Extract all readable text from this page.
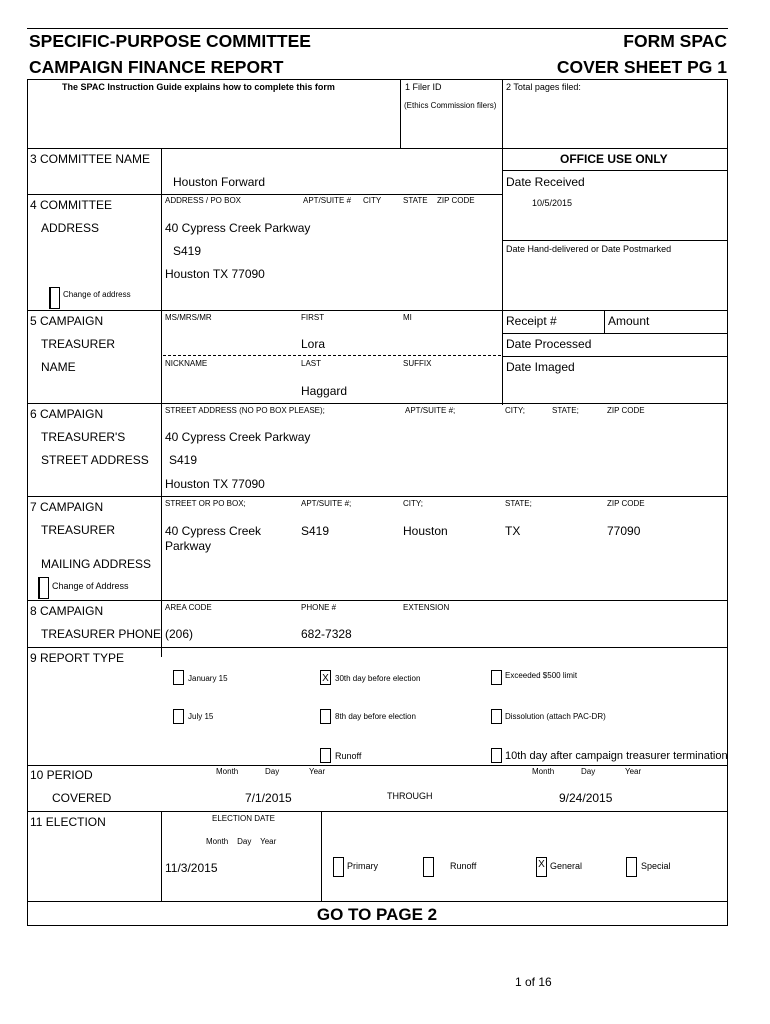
SPECIFIC-PURPOSE COMMITTEE
CAMPAIGN FINANCE REPORT
FORM SPAC
COVER SHEET PG 1
The SPAC Instruction Guide explains how to complete this form	1 Filer ID
(Ethics Commission filers)
2 Total pages filed:
3 COMMITTEE NAME
Houston Forward
OFFICE USE ONLY
Date Received
10/5/2015
Date Hand-delivered or Date Postmarked
4 COMMITTEE
ADDRESS
ADDRESS / PO BOX	APT/SUITE # CITY	STATE ZIP CODE
40 Cypress Creek Parkway
S419
Houston TX 77090
Change of address
5 CAMPAIGN
TREASURER
NAME
MS/MRS/MR	FIRST	MI
Lora
NICKNAME	LAST	SUFFIX
Haggard
Receipt #	Amount
Date Processed
Date Imaged
6 CAMPAIGN
TREASURER'S
STREET ADDRESS
STREET ADDRESS (NO PO BOX PLEASE);	APT/SUITE #;	CITY;	STATE;	ZIP CODE
40 Cypress Creek Parkway
S419
Houston TX 77090
7 CAMPAIGN
TREASURER
MAILING ADDRESS
STREET OR PO BOX;	APT/SUITE #;	CITY;	STATE;	ZIP CODE
40 Cypress Creek
Parkway
S419	Houston	TX	77090
Change of Address
8 CAMPAIGN
TREASURER PHONE
AREA CODE	PHONE #	EXTENSION
(206)	682-7328
9 REPORT TYPE
January 15	X 30th day before election	Exceeded $500 limit
July 15	8th day before election	Dissolution (attach PAC-DR)
Runoff	10th day after campaign treasurer termination
10 PERIOD
COVERED
Month	Day	Year	Month	Day	Year
7/1/2015	THROUGH	9/24/2015
11 ELECTION	ELECTION DATE
Month    Day    Year
11/3/2015	Primary	Runoff	X General	Special
GO TO PAGE 2
1 of 16
